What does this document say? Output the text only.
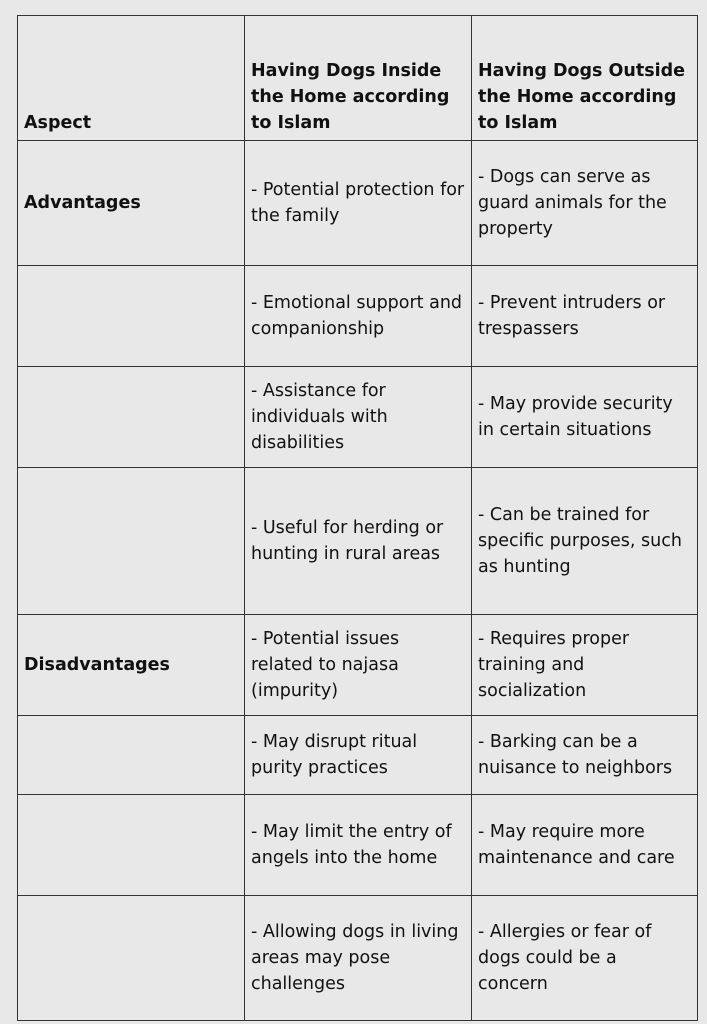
Aspect	Having Dogs Inside the Home according to Islam	Having Dogs Outside the Home according to Islam
Advantages	- Potential protection for the family	- Dogs can serve as guard animals for the property
	- Emotional support and companionship	- Prevent intruders or trespassers
	- Assistance for individuals with disabilities	- May provide security in certain situations
	- Useful for herding or hunting in rural areas	- Can be trained for specific purposes, such as hunting
Disadvantages	- Potential issues related to najasa (impurity)	- Requires proper training and socialization
	- May disrupt ritual purity practices	- Barking can be a nuisance to neighbors
	- May limit the entry of angels into the home	- May require more maintenance and care
	- Allowing dogs in living areas may pose challenges	- Allergies or fear of dogs could be a concern
